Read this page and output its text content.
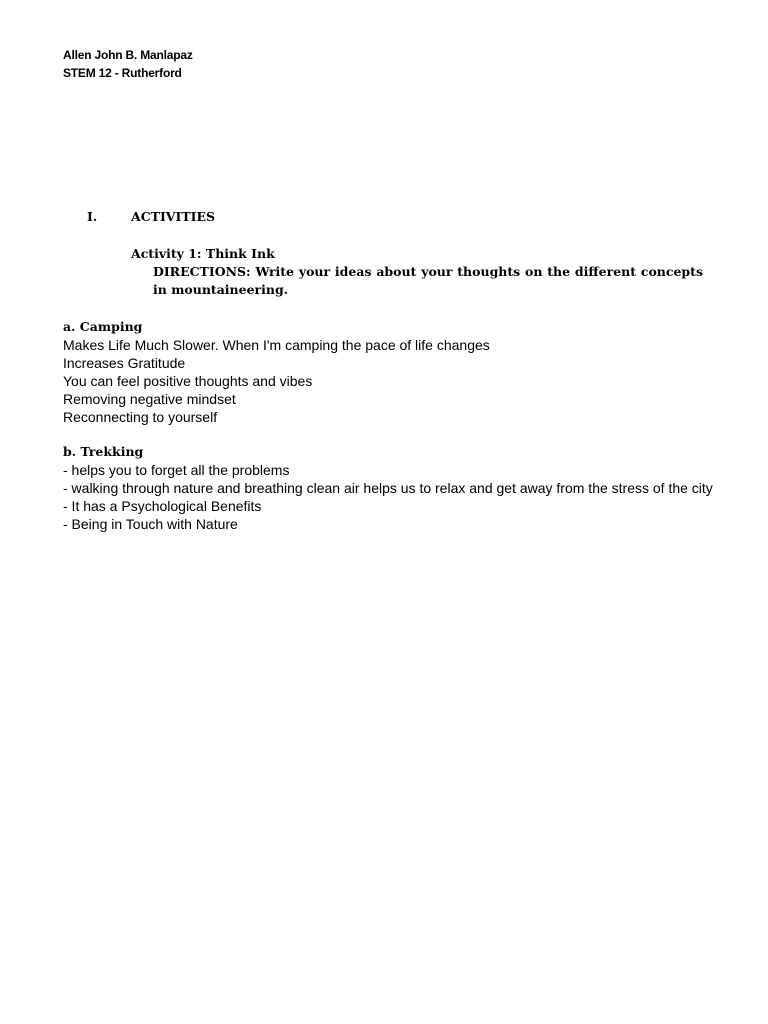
Allen John B. Manlapaz
STEM 12 - Rutherford
I.	ACTIVITIES
Activity 1: Think Ink
DIRECTIONS: Write your ideas about your thoughts on the different concepts in mountaineering.
a. Camping
Makes Life Much Slower. When I'm camping the pace of life changes
Increases Gratitude
You can feel positive thoughts and vibes
Removing negative mindset
Reconnecting to yourself
b. Trekking
- helps you to forget all the problems
- walking through nature and breathing clean air helps us to relax and get away from the stress of the city
- It has a Psychological Benefits
- Being in Touch with Nature
